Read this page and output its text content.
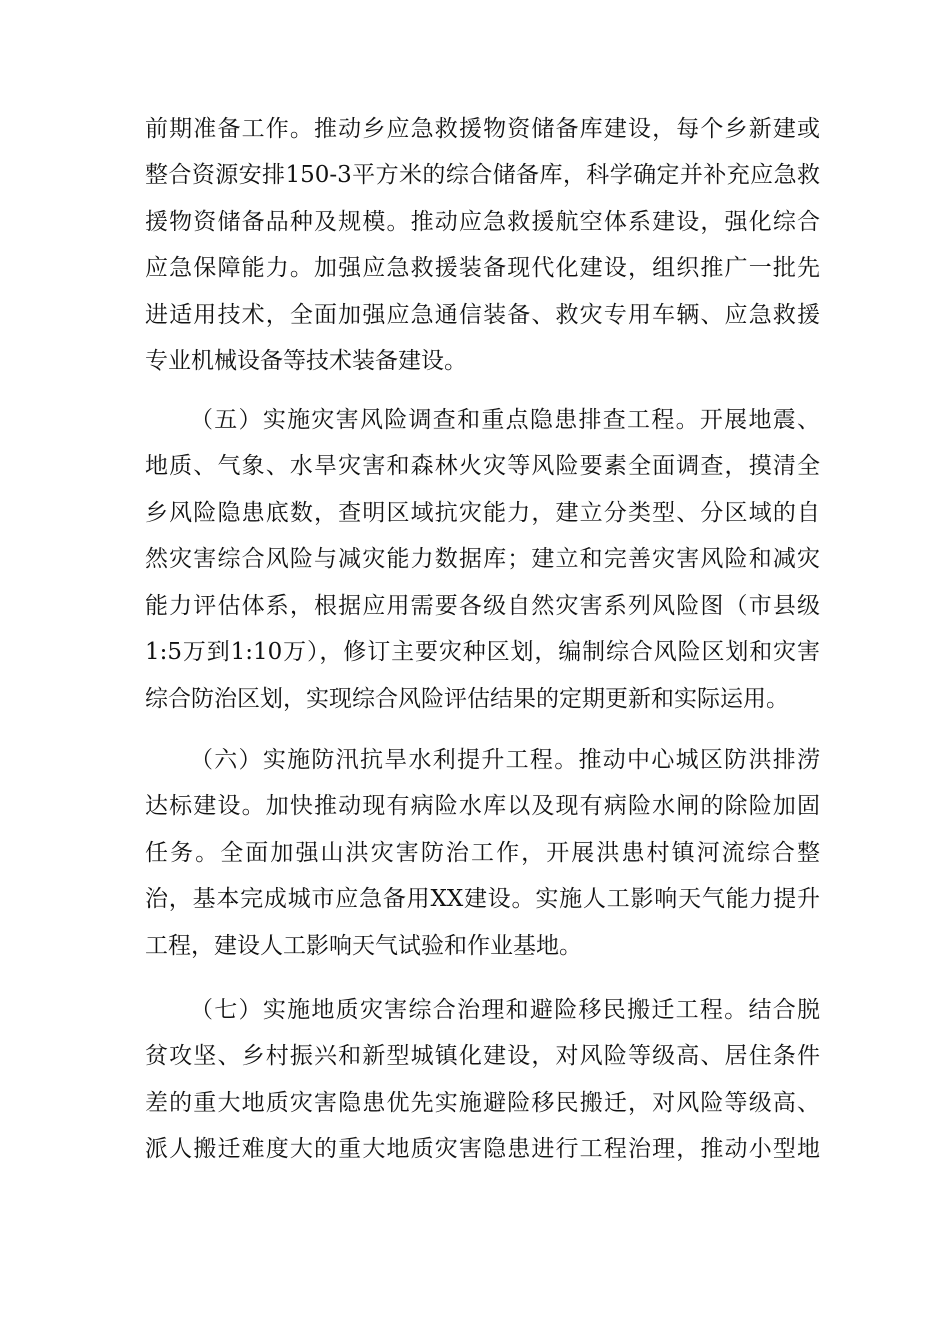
前期准备工作。推动乡应急救援物资储备库建设，每个乡新建或
整合资源安排150-3平方米的综合储备库，科学确定并补充应急救
援物资储备品种及规模。推动应急救援航空体系建设，强化综合
应急保障能力。加强应急救援装备现代化建设，组织推广一批先
进适用技术，全面加强应急通信装备、救灾专用车辆、应急救援
专业机械设备等技术装备建设。
（五）实施灾害风险调查和重点隐患排查工程。开展地震、
地质、气象、水旱灾害和森林火灾等风险要素全面调查，摸清全
乡风险隐患底数，查明区域抗灾能力，建立分类型、分区域的自
然灾害综合风险与减灾能力数据库；建立和完善灾害风险和减灾
能力评估体系，根据应用需要各级自然灾害系列风险图（市县级
1:5万到1:10万），修订主要灾种区划，编制综合风险区划和灾害
综合防治区划，实现综合风险评估结果的定期更新和实际运用。
（六）实施防汛抗旱水利提升工程。推动中心城区防洪排涝
达标建设。加快推动现有病险水库以及现有病险水闸的除险加固
任务。全面加强山洪灾害防治工作，开展洪患村镇河流综合整
治，基本完成城市应急备用XX建设。实施人工影响天气能力提升
工程，建设人工影响天气试验和作业基地。
（七）实施地质灾害综合治理和避险移民搬迁工程。结合脱
贫攻坚、乡村振兴和新型城镇化建设，对风险等级高、居住条件
差的重大地质灾害隐患优先实施避险移民搬迁，对风险等级高、
派人搬迁难度大的重大地质灾害隐患进行工程治理，推动小型地
